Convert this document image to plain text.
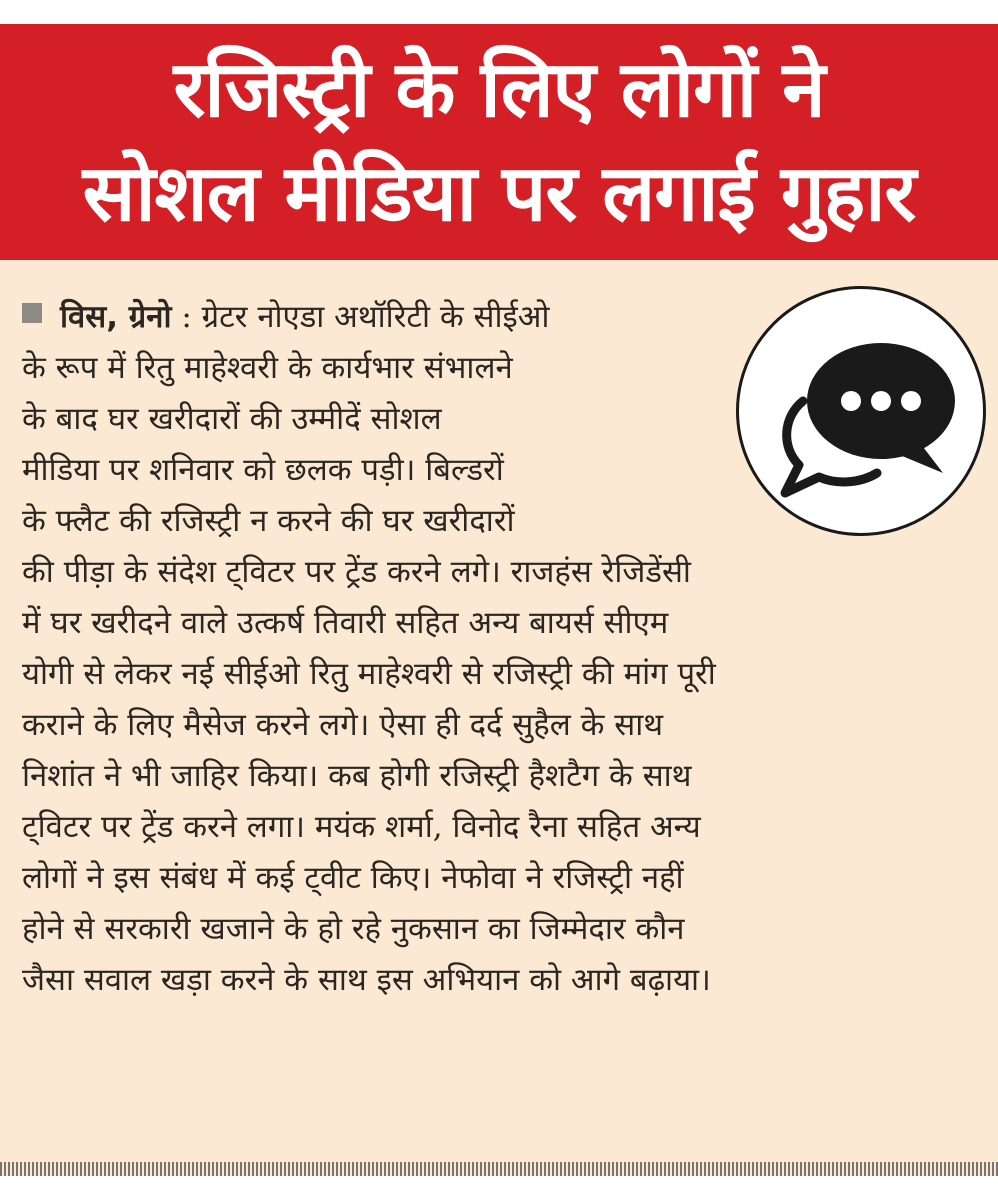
रजिस्ट्री के लिए लोगों ने

सोशल मीडिया पर लगाई गुहार

विस, ग्रेनो : ग्रेटर नोएडा अथॉरिटी के सीईओ
के रूप में रितु माहेश्वरी के कार्यभार संभालने
के बाद घर खरीदारों की उम्मीदें सोशल
मीडिया पर शनिवार को छलक पड़ी। बिल्डरों
के फ्लैट की रजिस्ट्री न करने की घर खरीदारों
की पीड़ा के संदेश ट्विटर पर ट्रेंड करने लगे। राजहंस रेजिडेंसी
में घर खरीदने वाले उत्कर्ष तिवारी सहित अन्य बायर्स सीएम
योगी से लेकर नई सीईओ रितु माहेश्वरी से रजिस्ट्री की मांग पूरी
कराने के लिए मैसेज करने लगे। ऐसा ही दर्द सुहैल के साथ
निशांत ने भी जाहिर किया। कब होगी रजिस्ट्री हैशटैग के साथ
ट्विटर पर ट्रेंड करने लगा। मयंक शर्मा, विनोद रैना सहित अन्य
लोगों ने इस संबंध में कई ट्वीट किए। नेफोवा ने रजिस्ट्री नहीं
होने से सरकारी खजाने के हो रहे नुकसान का जिम्मेदार कौन
जैसा सवाल खड़ा करने के साथ इस अभियान को आगे बढ़ाया।
